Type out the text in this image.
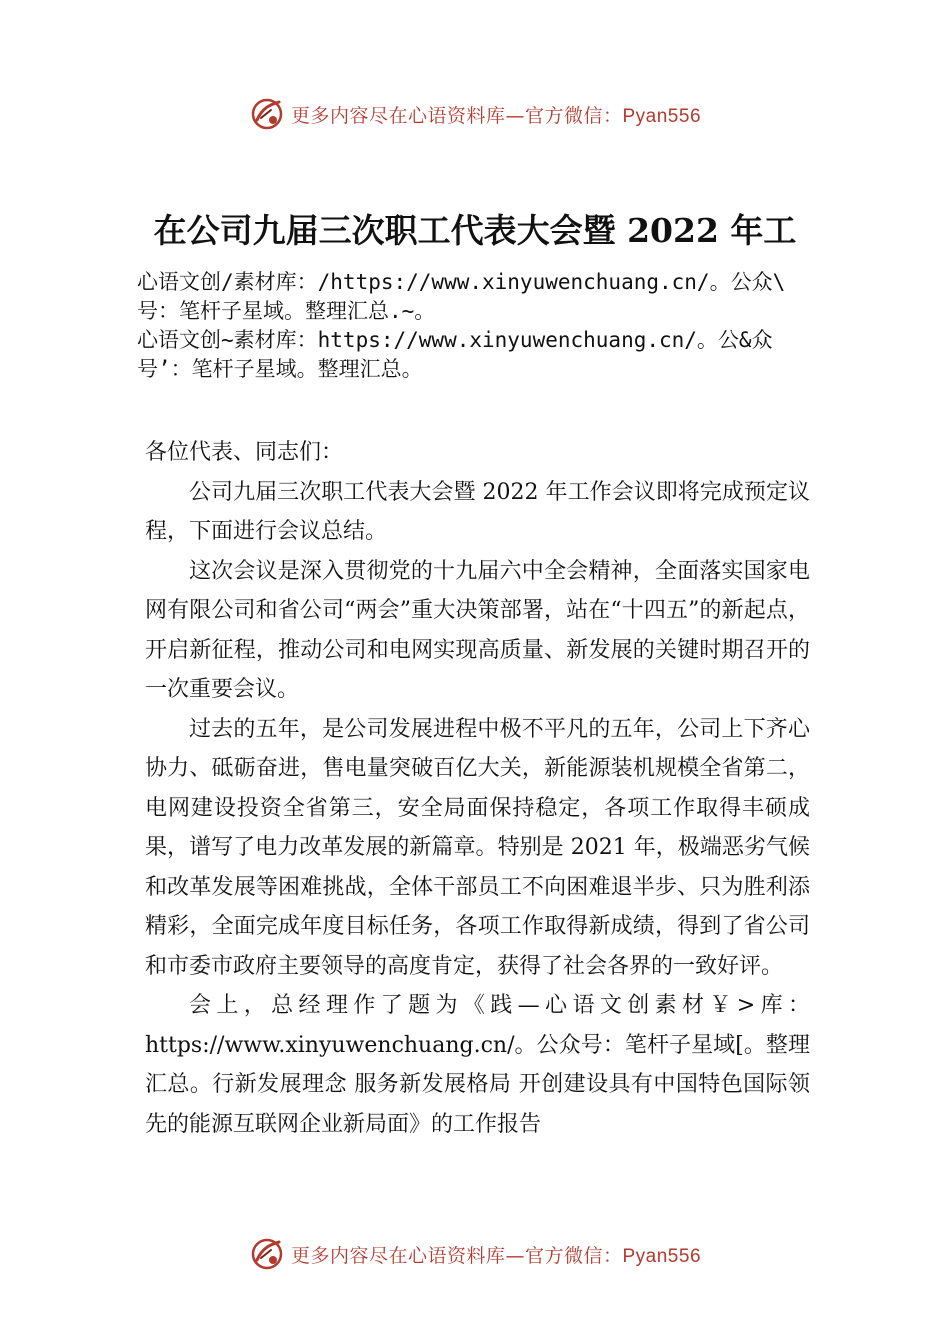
更多内容尽在心语资料库—官方微信：Pyan556
在公司九届三次职工代表大会暨 2022 年工
心语文创/素材库：/https://www.xinyuwenchuang.cn/。公众\
号：笔杆子星域。整理汇总.~。
心语文创~素材库：https://www.xinyuwenchuang.cn/。公&众
号’：笔杆子星域。整理汇总。

各位代表、同志们：

公司九届三次职工代表大会暨 2022 年工作会议即将完成预定议程，下面进行会议总结。

这次会议是深入贯彻党的十九届六中全会精神，全面落实国家电网有限公司和省公司“两会”重大决策部署，站在“十四五”的新起点，开启新征程，推动公司和电网实现高质量、新发展的关键时期召开的一次重要会议。

过去的五年，是公司发展进程中极不平凡的五年，公司上下齐心协力、砥砺奋进，售电量突破百亿大关，新能源装机规模全省第二，电网建设投资全省第三，安全局面保持稳定，各项工作取得丰硕成果，谱写了电力改革发展的新篇章。特别是 2021 年，极端恶劣气候和改革发展等困难挑战，全体干部员工不向困难退半步、只为胜利添精彩，全面完成年度目标任务，各项工作取得新成绩，得到了省公司和市委市政府主要领导的高度肯定，获得了社会各界的一致好评。

会上，总经理作了题为《践—心语文创素材￥>库：https://www.xinyuwenchuang.cn/。公众号：笔杆子星域[。整理汇总。行新发展理念 服务新发展格局 开创建设具有中国特色国际领先的能源互联网企业新局面》的工作报告

更多内容尽在心语资料库—官方微信：Pyan556
